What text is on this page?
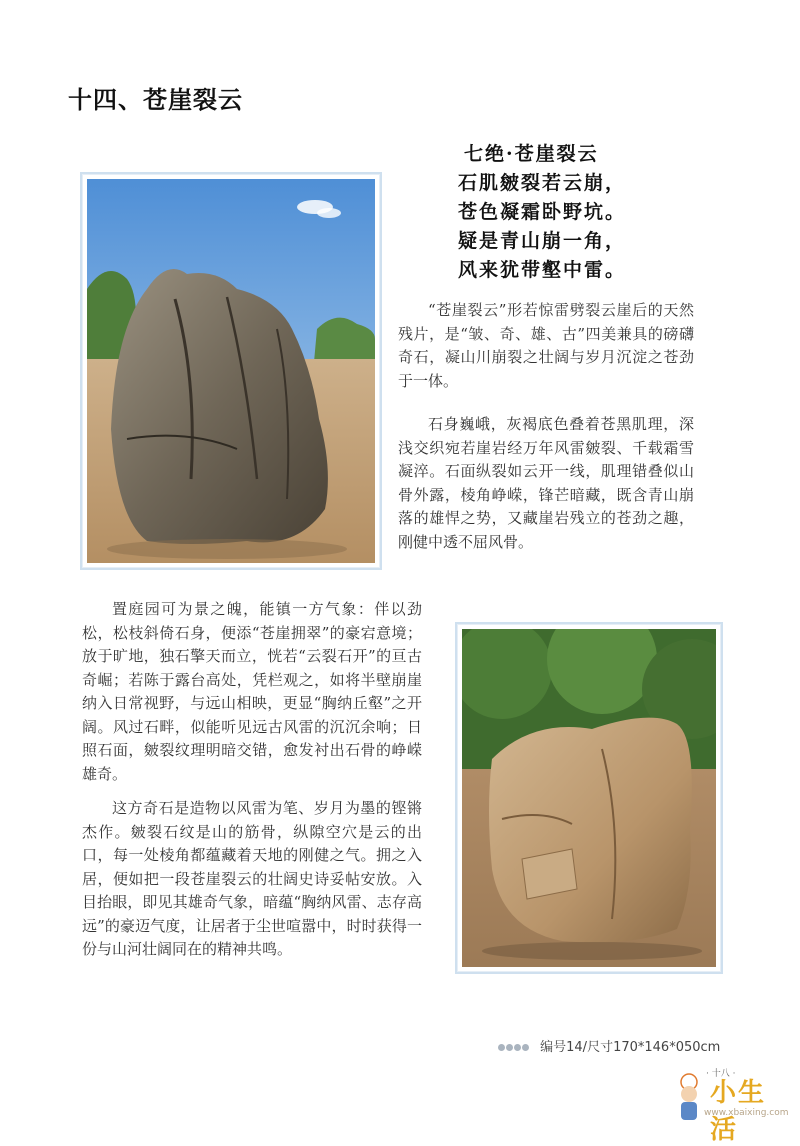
十四、苍崖裂云
七绝·苍崖裂云
石肌皴裂若云崩，
苍色凝霜卧野坑。
疑是青山崩一角，
风来犹带壑中雷。

“苍崖裂云”形若惊雷劈裂云崖后的天然残片，是“皱、奇、雄、古”四美兼具的磅礴奇石，凝山川崩裂之壮阔与岁月沉淀之苍劲于一体。

石身巍峨，灰褐底色叠着苍黑肌理，深浅交织宛若崖岩经万年风雷皴裂、千载霜雪凝淬。石面纵裂如云开一线，肌理错叠似山骨外露，棱角峥嵘，锋芒暗藏，既含青山崩落的雄悍之势，又藏崖岩残立的苍劲之趣，刚健中透不屈风骨。

置庭园可为景之魄，能镇一方气象：伴以劲松，松枝斜倚石身，便添“苍崖拥翠”的豪宕意境；放于旷地，独石擎天而立，恍若“云裂石开”的亘古奇崛；若陈于露台高处，凭栏观之，如将半壁崩崖纳入日常视野，与远山相映，更显“胸纳丘壑”之开阔。风过石畔，似能听见远古风雷的沉沉余响；日照石面，皴裂纹理明暗交错，愈发衬出石骨的峥嵘雄奇。

这方奇石是造物以风雷为笔、岁月为墨的铿锵杰作。皴裂石纹是山的筋骨，纵隙空穴是云的出口，每一处棱角都蕴藏着天地的刚健之气。拥之入居，便如把一段苍崖裂云的壮阔史诗妥帖安放。入目抬眼，即见其雄奇气象，暗蕴“胸纳风雷、志存高远”的豪迈气度，让居者于尘世喧嚣中，时时获得一份与山河壮阔同在的精神共鸣。

编号14/尺寸170*146*050cm
· 十八 ·
小生活
www.xbaixing.com
